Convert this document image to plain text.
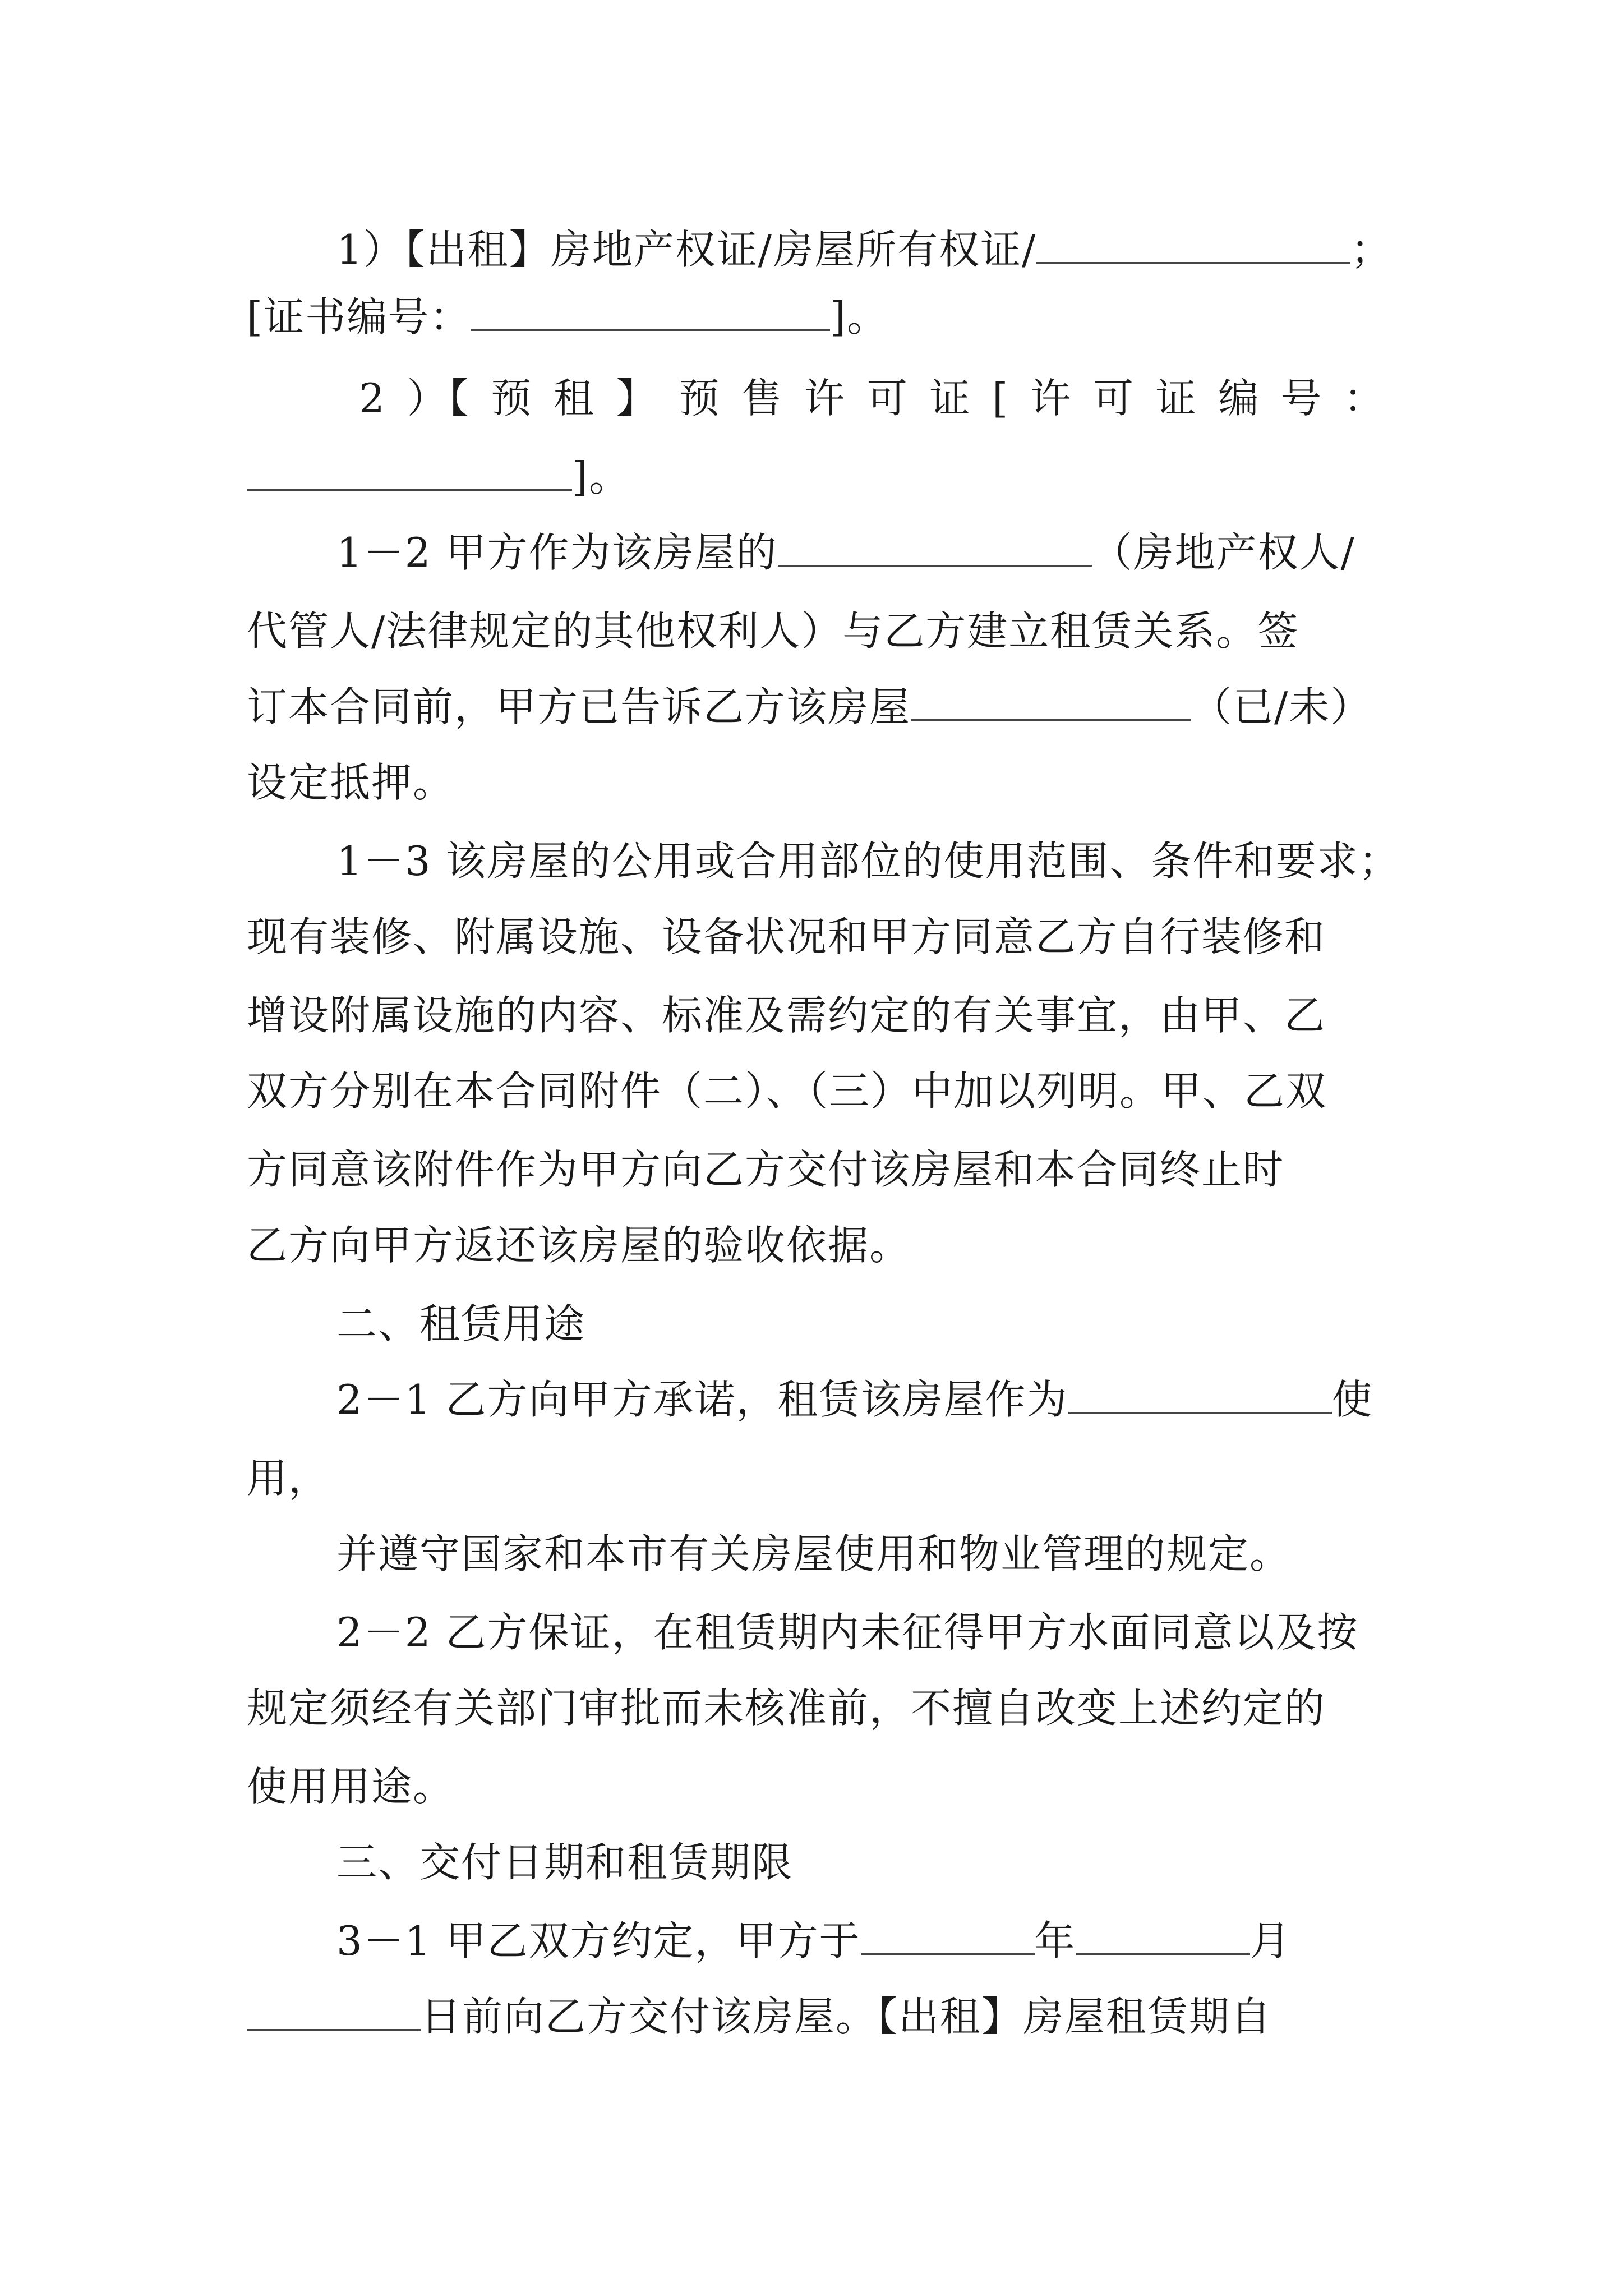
1）【出租】房地产权证/房屋所有权证/	；
[证书编号：	]。
2 ）【 预 租 】 预 售 许 可 证 [ 许 可 证 编 号 ：
]。
1－2 甲方作为该房屋的	（房地产权人/
代管人/法律规定的其他权利人）与乙方建立租赁关系。签
订本合同前，甲方已告诉乙方该房屋	（已/未）
设定抵押。
1－3 该房屋的公用或合用部位的使用范围、条件和要求；
现有装修、附属设施、设备状况和甲方同意乙方自行装修和
增设附属设施的内容、标准及需约定的有关事宜，由甲、乙
双方分别在本合同附件（二）、（三）中加以列明。甲、乙双
方同意该附件作为甲方向乙方交付该房屋和本合同终止时
乙方向甲方返还该房屋的验收依据。
二、租赁用途
2－1 乙方向甲方承诺，租赁该房屋作为	使
用，
并遵守国家和本市有关房屋使用和物业管理的规定。
2－2 乙方保证，在租赁期内未征得甲方水面同意以及按
规定须经有关部门审批而未核准前，不擅自改变上述约定的
使用用途。
三、交付日期和租赁期限
3－1 甲乙双方约定，甲方于	年	月
日前向乙方交付该房屋。【出租】房屋租赁期自
